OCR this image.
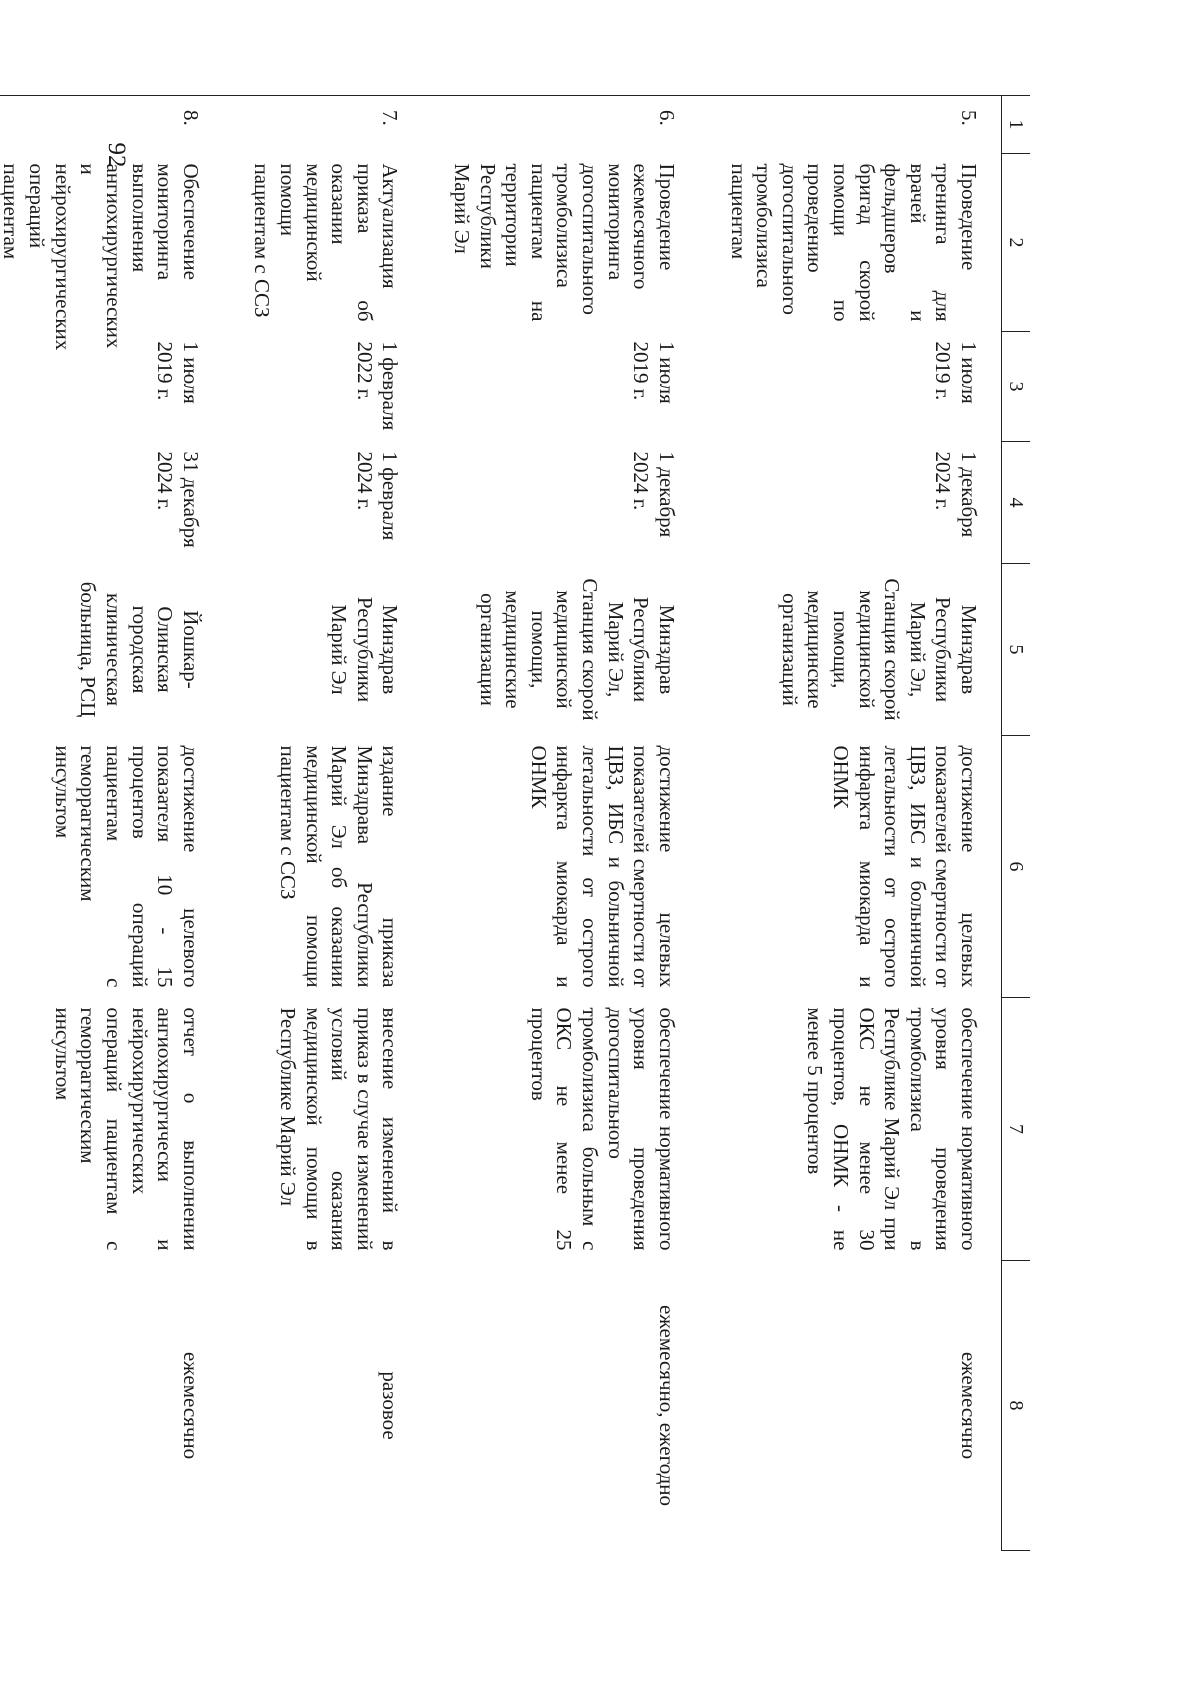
92
1	2	3	4	5	6	7	8
5.	Проведение тренинга для врачей и фельдшеров бригад скорой помощи по проведению догоспитального тромболизиса пациентам	1 июля 2019 г.	1 декабря 2024 г.	Минздрав Республики Марий Эл, Станция скорой медицинской помощи, медицинские организаций	достижение целевых показателей смертности от ЦВЗ, ИБС и больничной летальности от острого инфаркта миокарда и ОНМК	обеспечение нормативного уровня проведения тромболизиса в Республике Марий Эл при ОКС не менее 30 процентов, ОНМК - не менее 5 процентов	ежемесячно
6.	Проведение ежемесячного мониторинга догоспитального тромболизиса пациентам на территории Республики Марий Эл	1 июля 2019 г.	1 декабря 2024 г.	Минздрав Республики Марий Эл, Станция скорой медицинской помощи, медицинские организации	достижение целевых показателей смертности от ЦВЗ, ИБС и больничной летальности от острого инфаркта миокарда и ОНМК	обеспечение нормативного уровня проведения догоспитального тромболизиса больным с ОКС не менее 25 процентов	ежемесячно, ежегодно
7.	Актуализация приказа об оказании медицинской помощи пациентам с ССЗ	1 февраля 2022 г.	1 февраля 2024 г.	Минздрав Республики Марий Эл	издание приказа Минздрава Республики Марий Эл об оказании медицинской помощи пациентам с ССЗ	внесение изменений в приказ в случае изменений условий оказания медицинской помощи в Республике Марий Эл	разовое
8.	Обеспечение мониторинга выполнения ангиохирургических и нейрохирургических операций пациентам	1 июля 2019 г.	31 декабря 2024 г.	Йошкар-Олинская городская клиническая больница, РСЦ	достижение целевого показателя 10 - 15 процентов операций пациентам с геморрагическим инсультом	отчет о выполнении ангиохирургически и нейрохирургических операций пациентам с геморрагическим инсультом	ежемесячно
